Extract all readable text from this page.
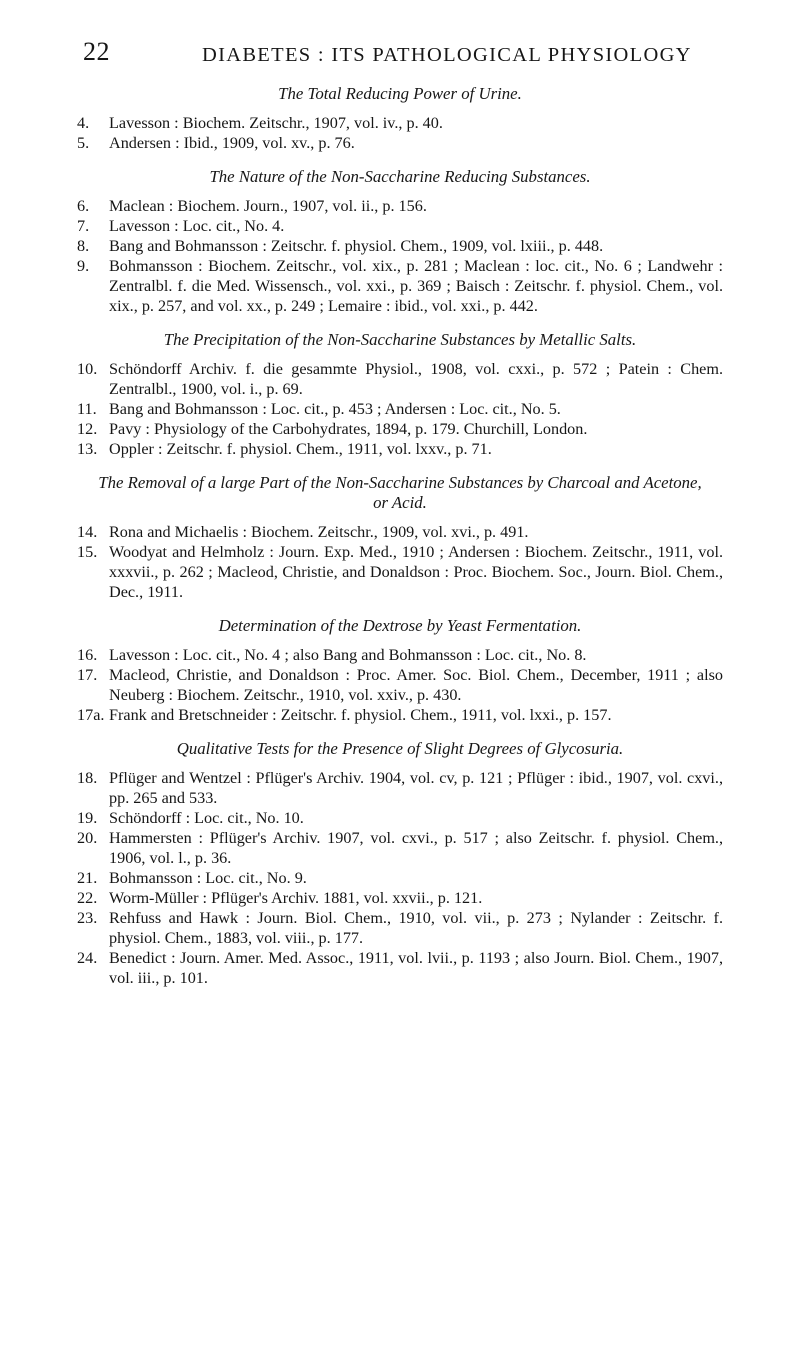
22	DIABETES : ITS PATHOLOGICAL PHYSIOLOGY

The Total Reducing Power of Urine.

4.	Lavesson : Biochem. Zeitschr., 1907, vol. iv., p. 40.

5.	Andersen : Ibid., 1909, vol. xv., p. 76.

The Nature of the Non-Saccharine Reducing Substances.

6.	Maclean : Biochem. Journ., 1907, vol. ii., p. 156.

7.	Lavesson : Loc. cit., No. 4.

8.	Bang and Bohmansson : Zeitschr. f. physiol. Chem., 1909, vol. lxiii., p. 448.

9.	Bohmansson : Biochem. Zeitschr., vol. xix., p. 281 ; Maclean : loc. cit., No. 6 ; Landwehr : Zentralbl. f. die Med. Wissensch., vol. xxi., p. 369 ; Baisch : Zeitschr. f. physiol. Chem., vol. xix., p. 257, and vol. xx., p. 249 ; Lemaire : ibid., vol. xxi., p. 442.

The Precipitation of the Non-Saccharine Substances by Metallic Salts.

10. Schöndorff Archiv. f. die gesammte Physiol., 1908, vol. cxxi., p. 572 ; Patein : Chem. Zentralbl., 1900, vol. i., p. 69.

11. Bang and Bohmansson : Loc. cit., p. 453 ; Andersen : Loc. cit., No. 5.

12. Pavy : Physiology of the Carbohydrates, 1894, p. 179. Churchill, London.

13. Oppler : Zeitschr. f. physiol. Chem., 1911, vol. lxxv., p. 71.

The Removal of a large Part of the Non-Saccharine Substances by Charcoal and Acetone, or Acid.

14. Rona and Michaelis : Biochem. Zeitschr., 1909, vol. xvi., p. 491.

15. Woodyat and Helmholz : Journ. Exp. Med., 1910 ; Andersen : Biochem. Zeitschr., 1911, vol. xxxvii., p. 262 ; Macleod, Christie, and Donaldson : Proc. Biochem. Soc., Journ. Biol. Chem., Dec., 1911.

Determination of the Dextrose by Yeast Fermentation.

16. Lavesson : Loc. cit., No. 4 ; also Bang and Bohmansson : Loc. cit., No. 8.

17. Macleod, Christie, and Donaldson : Proc. Amer. Soc. Biol. Chem., December, 1911 ; also Neuberg : Biochem. Zeitschr., 1910, vol. xxiv., p. 430.

17a. Frank and Bretschneider : Zeitschr. f. physiol. Chem., 1911, vol. lxxi., p. 157.

Qualitative Tests for the Presence of Slight Degrees of Glycosuria.

18. Pflüger and Wentzel : Pflüger's Archiv. 1904, vol. cv, p. 121 ; Pflüger : ibid., 1907, vol. cxvi., pp. 265 and 533.

19. Schöndorff : Loc. cit., No. 10.

20. Hammersten : Pflüger's Archiv. 1907, vol. cxvi., p. 517 ; also Zeitschr. f. physiol. Chem., 1906, vol. l., p. 36.

21. Bohmansson : Loc. cit., No. 9.

22. Worm-Müller : Pflüger's Archiv. 1881, vol. xxvii., p. 121.

23. Rehfuss and Hawk : Journ. Biol. Chem., 1910, vol. vii., p. 273 ; Nylander : Zeitschr. f. physiol. Chem., 1883, vol. viii., p. 177.

24. Benedict : Journ. Amer. Med. Assoc., 1911, vol. lvii., p. 1193 ; also Journ. Biol. Chem., 1907, vol. iii., p. 101.
